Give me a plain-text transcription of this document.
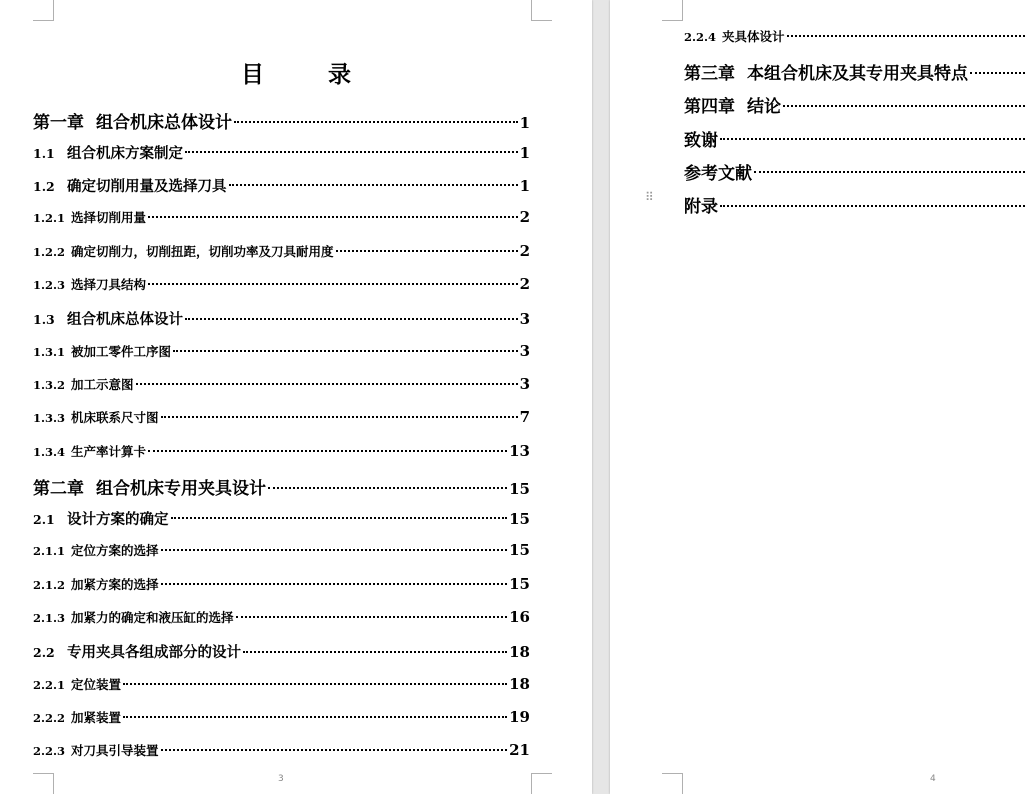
目 录
第一章 组合机床总体设计	1
1.1 组合机床方案制定	1
1.2 确定切削用量及选择刀具	1
1.2.1 选择切削用量	2
1.2.2 确定切削力，切削扭距，切削功率及刀具耐用度	2
1.2.3 选择刀具结构	2
1.3 组合机床总体设计	3
1.3.1 被加工零件工序图	3
1.3.2 加工示意图	3
1.3.3 机床联系尺寸图	7
1.3.4 生产率计算卡	13
第二章 组合机床专用夹具设计	15
2.1 设计方案的确定	15
2.1.1 定位方案的选择	15
2.1.2 加紧方案的选择	15
2.1.3 加紧力的确定和液压缸的选择	16
2.2 专用夹具各组成部分的设计	18
2.2.1 定位装置	18
2.2.2 加紧装置	19
2.2.3 对刀具引导装置	21
3
2.2.4 夹具体设计
第三章 本组合机床及其专用夹具特点
第四章 结论
致谢
参考文献
附录
4
⠿
